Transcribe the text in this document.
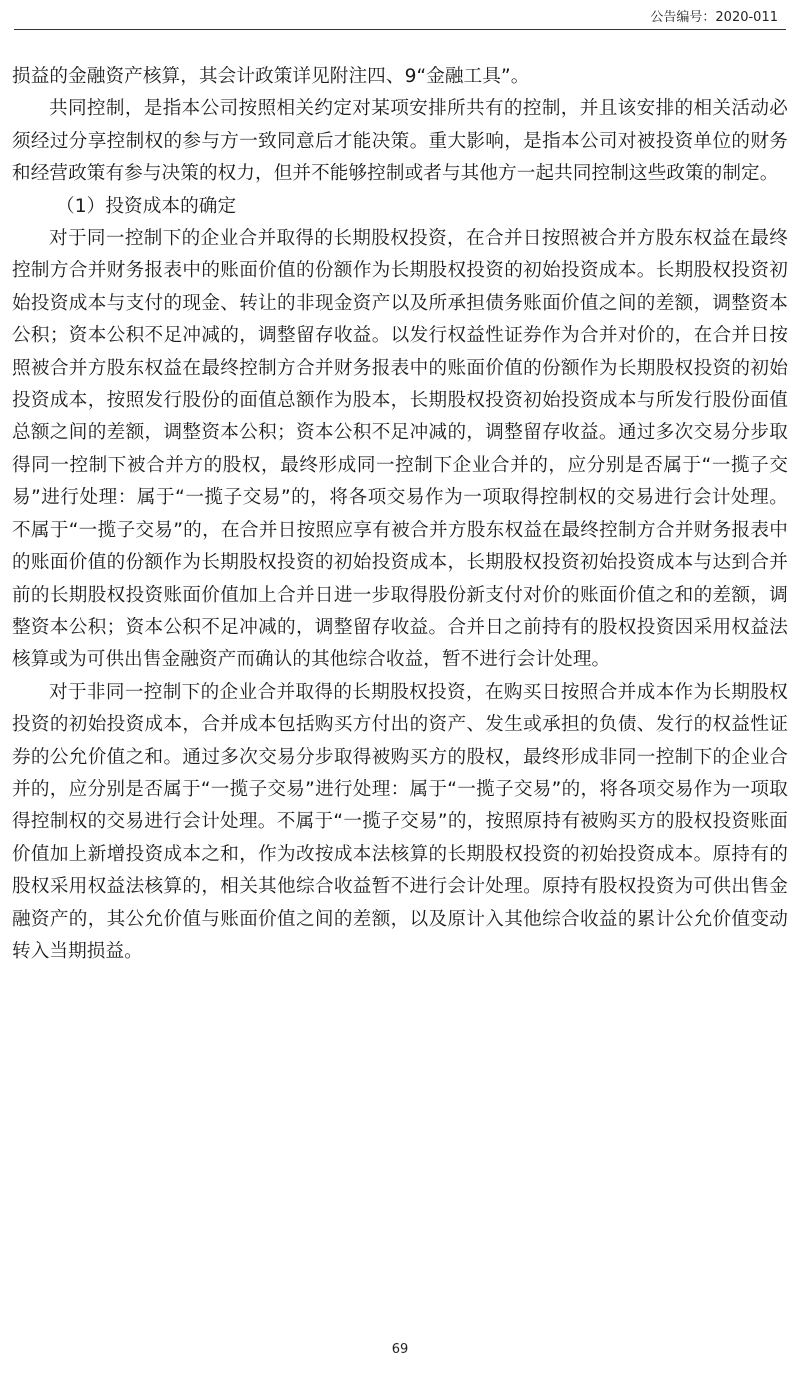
公告编号：2020-011

损益的金融资产核算，其会计政策详见附注四、9“金融工具”。

共同控制，是指本公司按照相关约定对某项安排所共有的控制，并且该安排的相关活动必须经过分享控制权的参与方一致同意后才能决策。重大影响，是指本公司对被投资单位的财务和经营政策有参与决策的权力，但并不能够控制或者与其他方一起共同控制这些政策的制定。

（1）投资成本的确定

对于同一控制下的企业合并取得的长期股权投资，在合并日按照被合并方股东权益在最终控制方合并财务报表中的账面价值的份额作为长期股权投资的初始投资成本。长期股权投资初始投资成本与支付的现金、转让的非现金资产以及所承担债务账面价值之间的差额，调整资本公积；资本公积不足冲减的，调整留存收益。以发行权益性证券作为合并对价的，在合并日按照被合并方股东权益在最终控制方合并财务报表中的账面价值的份额作为长期股权投资的初始投资成本，按照发行股份的面值总额作为股本，长期股权投资初始投资成本与所发行股份面值总额之间的差额，调整资本公积；资本公积不足冲减的，调整留存收益。通过多次交易分步取得同一控制下被合并方的股权，最终形成同一控制下企业合并的，应分别是否属于“一揽子交易”进行处理：属于“一揽子交易”的，将各项交易作为一项取得控制权的交易进行会计处理。不属于“一揽子交易”的，在合并日按照应享有被合并方股东权益在最终控制方合并财务报表中的账面价值的份额作为长期股权投资的初始投资成本，长期股权投资初始投资成本与达到合并前的长期股权投资账面价值加上合并日进一步取得股份新支付对价的账面价值之和的差额，调整资本公积；资本公积不足冲减的，调整留存收益。合并日之前持有的股权投资因采用权益法核算或为可供出售金融资产而确认的其他综合收益，暂不进行会计处理。

对于非同一控制下的企业合并取得的长期股权投资，在购买日按照合并成本作为长期股权投资的初始投资成本，合并成本包括购买方付出的资产、发生或承担的负债、发行的权益性证券的公允价值之和。通过多次交易分步取得被购买方的股权，最终形成非同一控制下的企业合并的，应分别是否属于“一揽子交易”进行处理：属于“一揽子交易”的，将各项交易作为一项取得控制权的交易进行会计处理。不属于“一揽子交易”的，按照原持有被购买方的股权投资账面价值加上新增投资成本之和，作为改按成本法核算的长期股权投资的初始投资成本。原持有的股权采用权益法核算的，相关其他综合收益暂不进行会计处理。原持有股权投资为可供出售金融资产的，其公允价值与账面价值之间的差额，以及原计入其他综合收益的累计公允价值变动转入当期损益。

69
